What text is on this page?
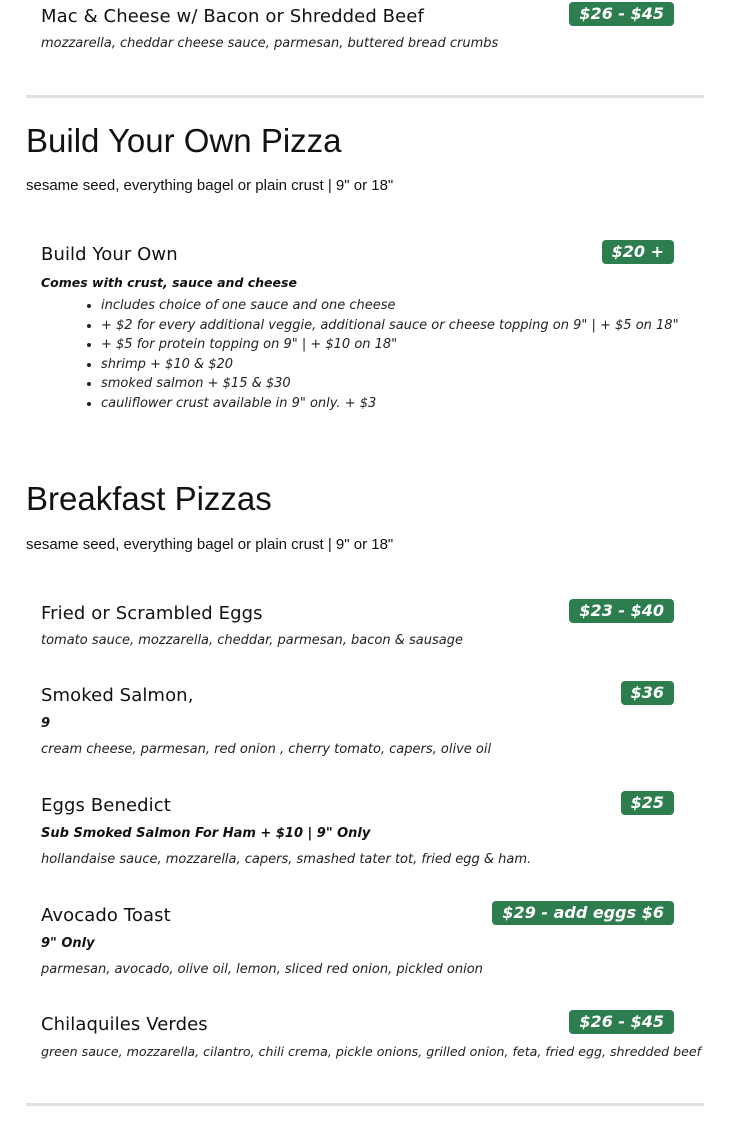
Mac & Cheese w/ Bacon or Shredded Beef	$26 - $45
mozzarella, cheddar cheese sauce, parmesan, buttered bread crumbs
Build Your Own Pizza
sesame seed, everything bagel or plain crust | 9" or 18"
Build Your Own	$20 +
Comes with crust, sauce and cheese
• includes choice of one sauce and one cheese
• + $2 for every additional veggie, additional sauce or cheese topping on 9" | + $5 on 18"
• + $5 for protein topping on 9" | + $10 on 18"
• shrimp + $10 & $20
• smoked salmon + $15 & $30
• cauliflower crust available in 9" only. + $3
Breakfast Pizzas
sesame seed, everything bagel or plain crust | 9" or 18"
Fried or Scrambled Eggs	$23 - $40
tomato sauce, mozzarella, cheddar, parmesan, bacon & sausage
Smoked Salmon,	$36
9
cream cheese, parmesan, red onion , cherry tomato, capers, olive oil
Eggs Benedict	$25
Sub Smoked Salmon For Ham + $10 | 9" Only
hollandaise sauce, mozzarella, capers, smashed tater tot, fried egg & ham.
Avocado Toast	$29 - add eggs $6
9" Only
parmesan, avocado, olive oil, lemon, sliced red onion, pickled onion
Chilaquiles Verdes	$26 - $45
green sauce, mozzarella, cilantro, chili crema, pickle onions, grilled onion, feta, fried egg, shredded beef
